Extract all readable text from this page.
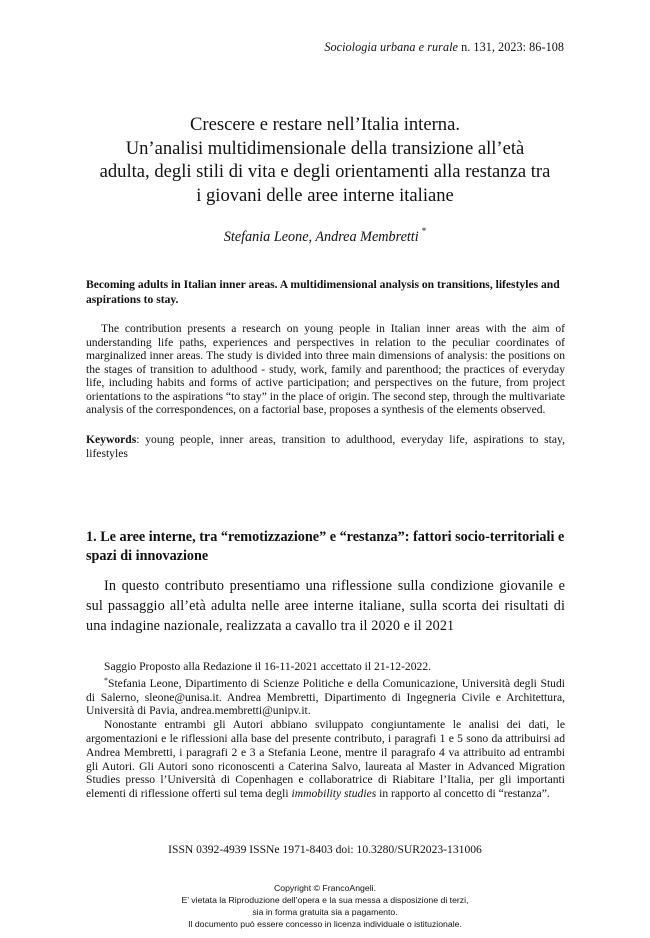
Sociologia urbana e rurale n. 131, 2023: 86-108
Crescere e restare nell’Italia interna.
Un’analisi multidimensionale della transizione all’età
adulta, degli stili di vita e degli orientamenti alla restanza tra
i giovani delle aree interne italiane
Stefania Leone, Andrea Membretti *
Becoming adults in Italian inner areas. A multidimensional analysis on transitions, lifestyles and aspirations to stay.
The contribution presents a research on young people in Italian inner areas with the aim of understanding life paths, experiences and perspectives in relation to the peculiar coordinates of marginalized inner areas. The study is divided into three main dimensions of analysis: the positions on the stages of transition to adulthood - study, work, family and parenthood; the practices of everyday life, including habits and forms of active participation; and perspectives on the future, from project orientations to the aspirations “to stay” in the place of origin. The second step, through the multivariate analysis of the correspondences, on a factorial base, proposes a synthesis of the elements observed.
Keywords: young people, inner areas, transition to adulthood, everyday life, aspirations to stay, lifestyles
1. Le aree interne, tra “remotizzazione” e “restanza”: fattori socio-territoriali e spazi di innovazione
In questo contributo presentiamo una riflessione sulla condizione giovanile e sul passaggio all’età adulta nelle aree interne italiane, sulla scorta dei risultati di una indagine nazionale, realizzata a cavallo tra il 2020 e il 2021

Saggio Proposto alla Redazione il 16-11-2021 accettato il 21-12-2022.

*Stefania Leone, Dipartimento di Scienze Politiche e della Comunicazione, Università degli Studi di Salerno, sleone@unisa.it. Andrea Membretti, Dipartimento di Ingegneria Civile e Architettura, Università di Pavia, andrea.membretti@unipv.it.

Nonostante entrambi gli Autori abbiano sviluppato congiuntamente le analisi dei dati, le argomentazioni e le riflessioni alla base del presente contributo, i paragrafi 1 e 5 sono da attribuirsi ad Andrea Membretti, i paragrafi 2 e 3 a Stefania Leone, mentre il paragrafo 4 va attribuito ad entrambi gli Autori. Gli Autori sono riconoscenti a Caterina Salvo, laureata al Master in Advanced Migration Studies presso l’Università di Copenhagen e collaboratrice di Riabitare l’Italia, per gli importanti elementi di riflessione offerti sul tema degli immobility studies in rapporto al concetto di “restanza”.

ISSN 0392-4939 ISSNe 1971-8403 doi: 10.3280/SUR2023-131006
Copyright © FrancoAngeli.
E’ vietata la Riproduzione dell’opera e la sua messa a disposizione di terzi,
sia in forma gratuita sia a pagamento.
Il documento può essere concesso in licenza individuale o istituzionale.
